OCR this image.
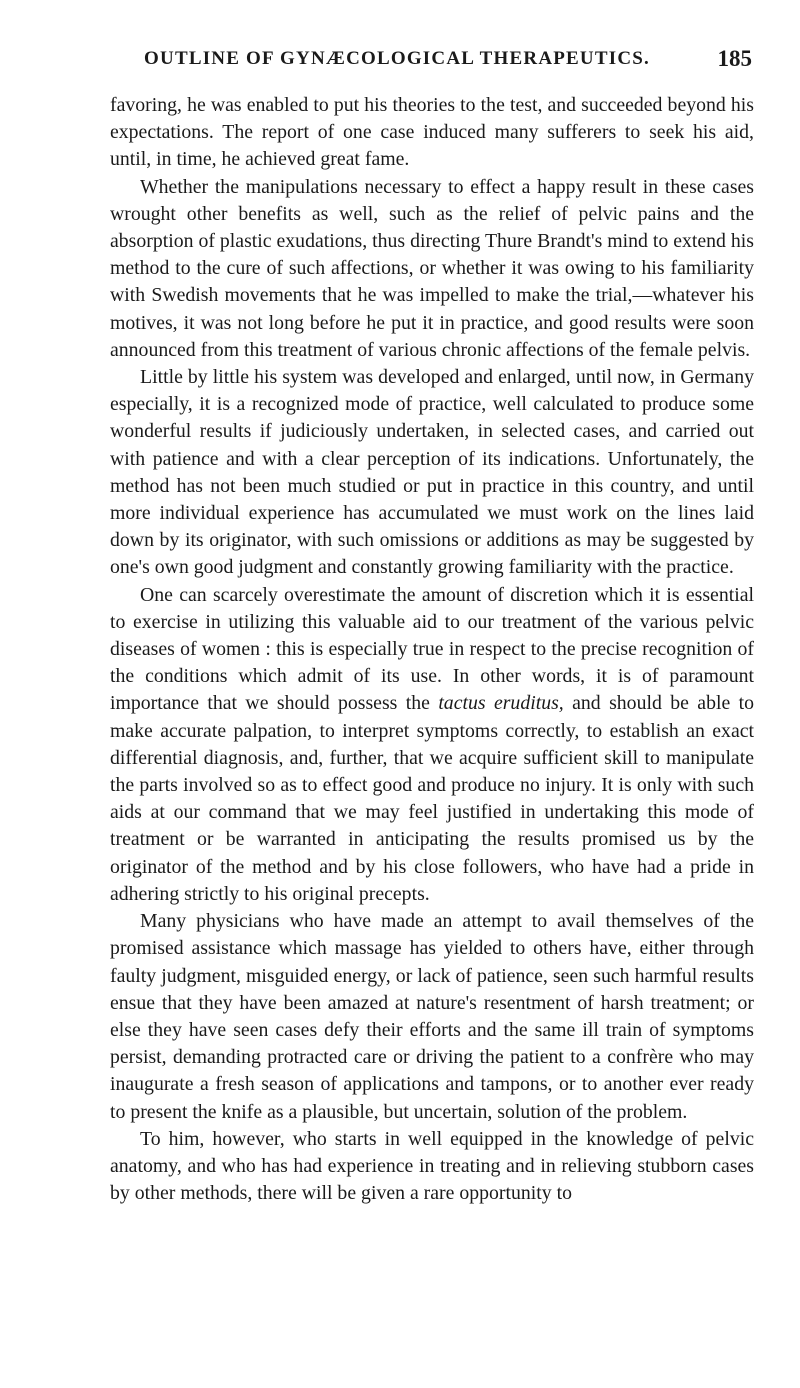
OUTLINE OF GYNÆCOLOGICAL THERAPEUTICS.	185

favoring, he was enabled to put his theories to the test, and succeeded beyond his expectations. The report of one case induced many sufferers to seek his aid, until, in time, he achieved great fame.

Whether the manipulations necessary to effect a happy result in these cases wrought other benefits as well, such as the relief of pelvic pains and the absorption of plastic exudations, thus directing Thure Brandt's mind to extend his method to the cure of such affections, or whether it was owing to his familiarity with Swedish movements that he was impelled to make the trial,—whatever his motives, it was not long before he put it in practice, and good results were soon announced from this treatment of various chronic affections of the female pelvis.

Little by little his system was developed and enlarged, until now, in Germany especially, it is a recognized mode of practice, well calculated to produce some wonderful results if judiciously undertaken, in selected cases, and carried out with patience and with a clear perception of its indications. Unfortunately, the method has not been much studied or put in practice in this country, and until more individual experience has accumulated we must work on the lines laid down by its originator, with such omissions or additions as may be suggested by one's own good judgment and constantly growing familiarity with the practice.

One can scarcely overestimate the amount of discretion which it is essential to exercise in utilizing this valuable aid to our treatment of the various pelvic diseases of women : this is especially true in respect to the precise recognition of the conditions which admit of its use. In other words, it is of paramount importance that we should possess the tactus eruditus, and should be able to make accurate palpation, to interpret symptoms correctly, to establish an exact differential diagnosis, and, further, that we acquire sufficient skill to manipulate the parts involved so as to effect good and produce no injury. It is only with such aids at our command that we may feel justified in undertaking this mode of treatment or be warranted in anticipating the results promised us by the originator of the method and by his close followers, who have had a pride in adhering strictly to his original precepts.

Many physicians who have made an attempt to avail themselves of the promised assistance which massage has yielded to others have, either through faulty judgment, misguided energy, or lack of patience, seen such harmful results ensue that they have been amazed at nature's resentment of harsh treatment; or else they have seen cases defy their efforts and the same ill train of symptoms persist, demanding protracted care or driving the patient to a confrère who may inaugurate a fresh season of applications and tampons, or to another ever ready to present the knife as a plausible, but uncertain, solution of the problem.

To him, however, who starts in well equipped in the knowledge of pelvic anatomy, and who has had experience in treating and in relieving stubborn cases by other methods, there will be given a rare opportunity to
